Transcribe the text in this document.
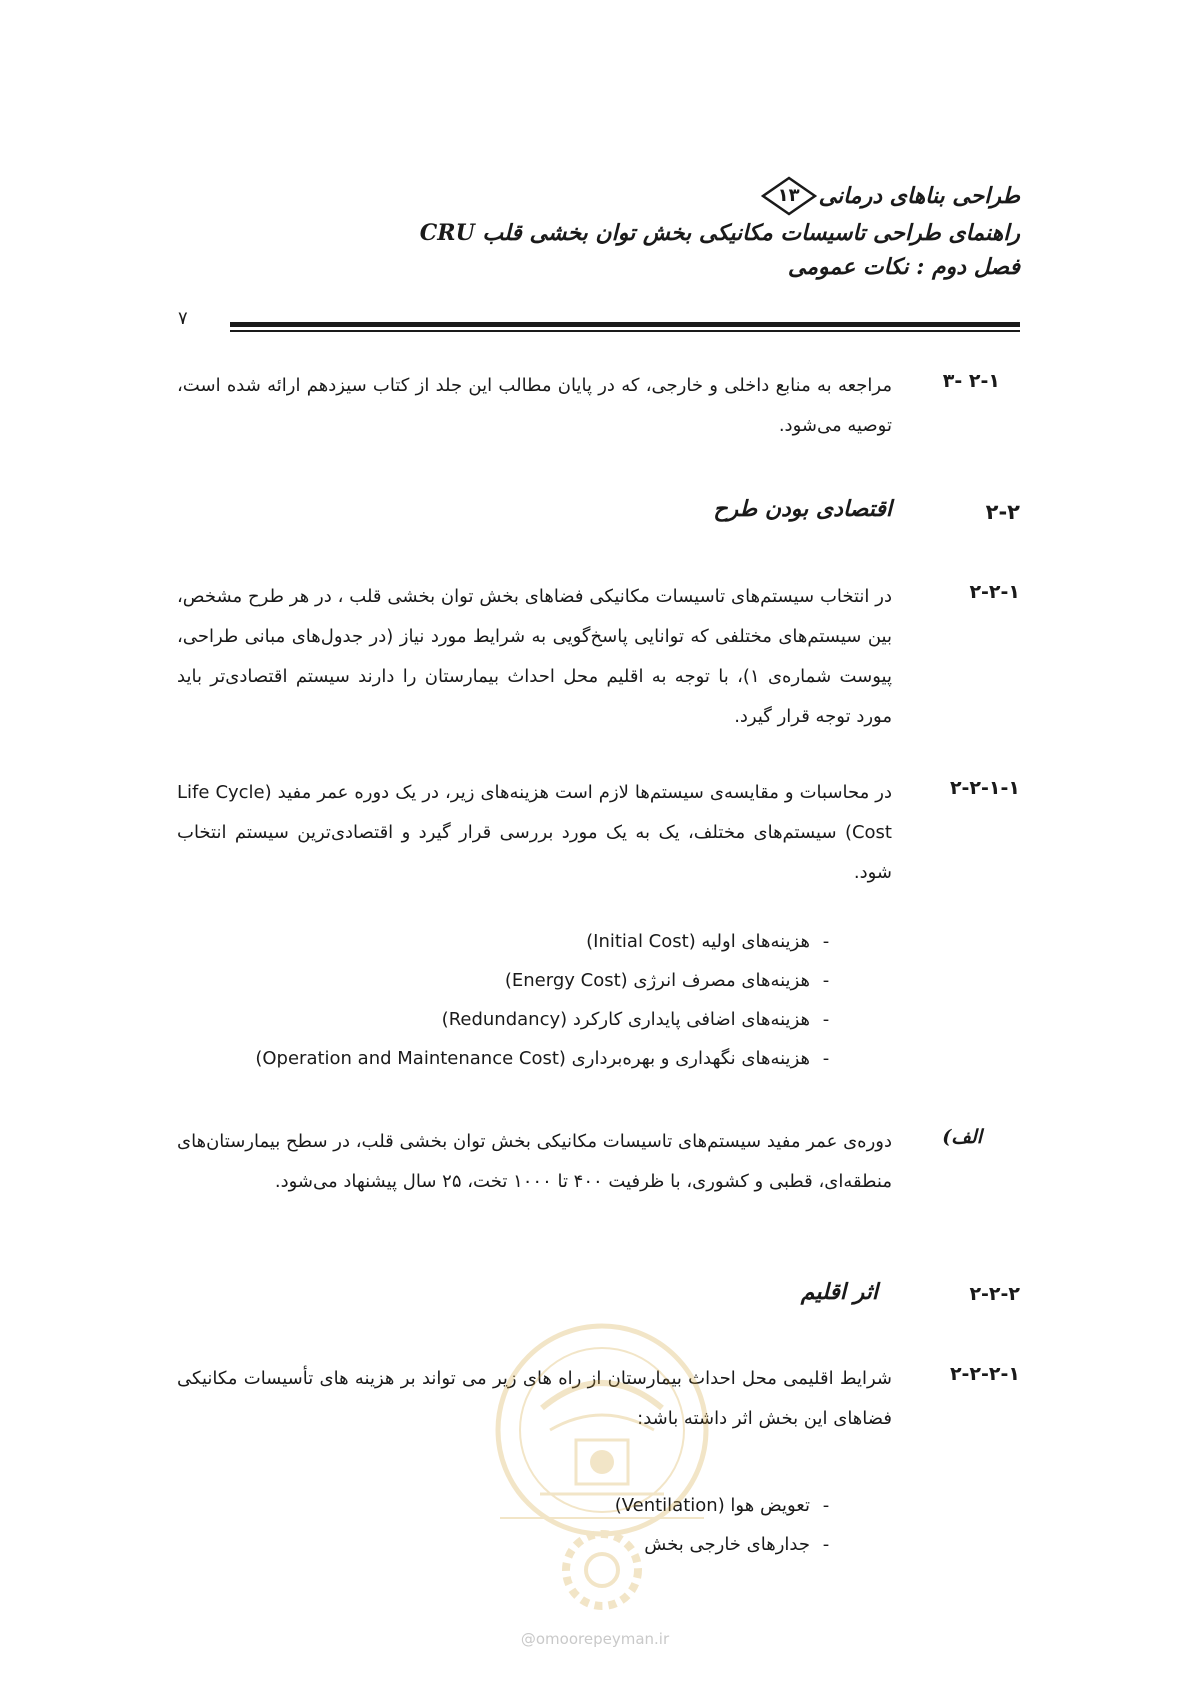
طراحی بناهای درمانی
۱۳
راهنمای طراحی تاسیسات مکانیکی بخش توان بخشی قلب CRU
فصل دوم : نکات عمومی
۷
۲-۱ -۳
مراجعه به منابع داخلی و خارجی، که در پایان مطالب این جلد از کتاب سیزدهم ارائه شده است، توصیه می‌شود.
۲-۲
اقتصادی بودن طرح
۲-۲-۱
در انتخاب سیستم‌های تاسیسات مکانیکی فضاهای بخش توان بخشی قلب ، در هر طرح مشخص، بین سیستم‌های مختلفی که توانایی پاسخ‌گویی به شرایط مورد نیاز (در جدول‌های مبانی طراحی، پیوست شماره‌ی ۱)، با توجه به اقلیم محل احداث بیمارستان را دارند سیستم اقتصادی‌تر باید مورد توجه قرار گیرد.
۲-۲-۱-۱
در محاسبات و مقایسه‌ی سیستم‌ها لازم است هزینه‌های زیر، در یک دوره عمر مفید (Life Cycle Cost) سیستم‌های مختلف، یک به یک مورد بررسی قرار گیرد و اقتصادی‌ترین سیستم انتخاب شود.
-هزینه‌های اولیه (Initial Cost)
-هزینه‌های مصرف انرژی (Energy Cost)
-هزینه‌های اضافی پایداری کارکرد (Redundancy)
-هزینه‌های نگهداری و بهره‌برداری (Operation and Maintenance Cost)
الف)
دوره‌ی عمر مفید سیستم‌های تاسیسات مکانیکی بخش توان بخشی قلب، در سطح بیمارستان‌های منطقه‌ای، قطبی و کشوری، با ظرفیت ۴۰۰ تا ۱۰۰۰ تخت، ۲۵ سال پیشنهاد می‌شود.
۲-۲-۲
اثر اقلیم
۲-۲-۲-۱
شرایط اقلیمی محل احداث بیمارستان از راه های زیر می تواند بر هزینه های تأسیسات مکانیکی فضاهای این بخش اثر داشته باشد:
-تعویض هوا (Ventilation)
-جدارهای خارجی بخش
@omoorepeyman.ir
